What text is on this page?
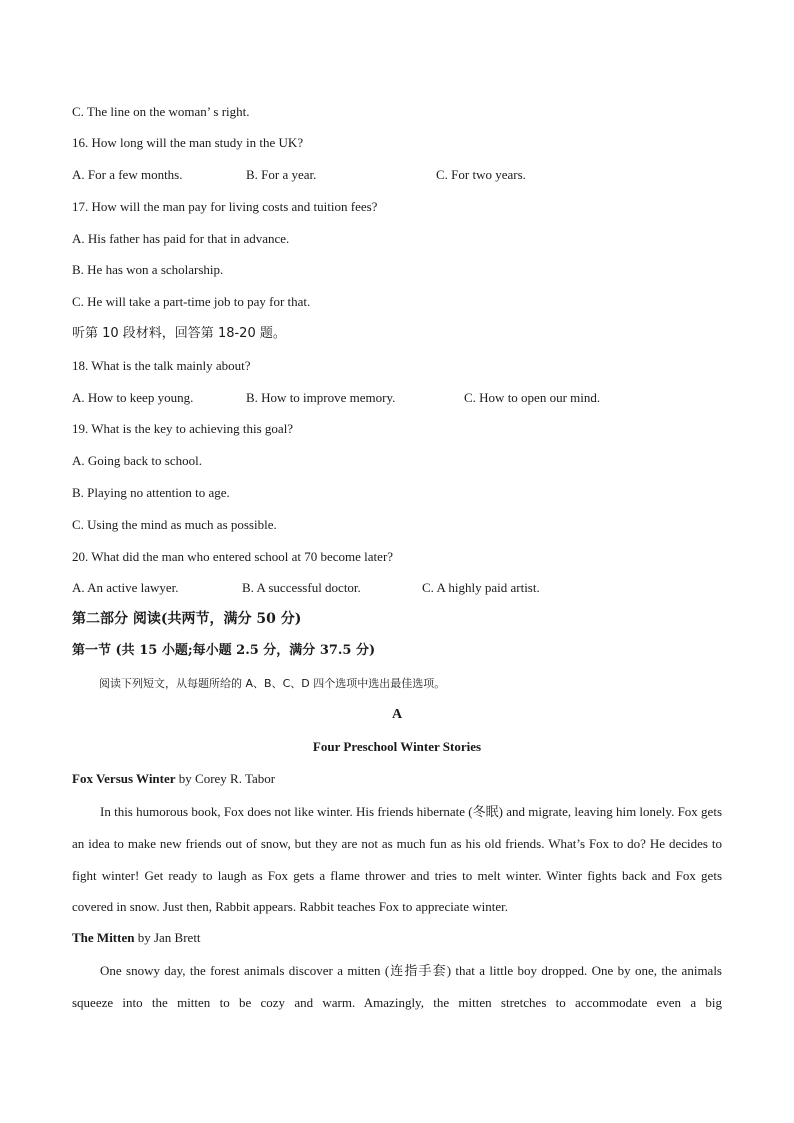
C. The line on the woman’ s right.
16. How long will the man study in the UK?
A. For a few months.	B. For a year.	C. For two years.
17. How will the man pay for living costs and tuition fees?
A. His father has paid for that in advance.
B. He has won a scholarship.
C. He will take a part-time job to pay for that.
听第 10 段材料，回答第 18-20 题。
18. What is the talk mainly about?
A. How to keep young.	B. How to improve memory.	C. How to open our mind.
19. What is the key to achieving this goal?
A. Going back to school.
B. Playing no attention to age.
C. Using the mind as much as possible.
20. What did the man who entered school at 70 become later?
A. An active lawyer.	B. A successful doctor.	C. A highly paid artist.
第二部分 阅读(共两节，满分 50 分)
第一节 (共 15 小题;每小题 2.5 分，满分 37.5 分)
阅读下列短文，从每题所给的 A、B、C、D 四个选项中选出最佳选项。
A
Four Preschool Winter Stories
Fox Versus Winter by Corey R. Tabor
In this humorous book, Fox does not like winter. His friends hibernate (冬眠) and migrate, leaving him lonely. Fox gets an idea to make new friends out of snow, but they are not as much fun as his old friends. What’s Fox to do? He decides to fight winter! Get ready to laugh as Fox gets a flame thrower and tries to melt winter. Winter fights back and Fox gets covered in snow. Just then, Rabbit appears. Rabbit teaches Fox to appreciate winter.
The Mitten by Jan Brett
One snowy day, the forest animals discover a mitten (连指手套) that a little boy dropped. One by one, the animals squeeze into the mitten to be cozy and warm. Amazingly, the mitten stretches to accommodate even a big
